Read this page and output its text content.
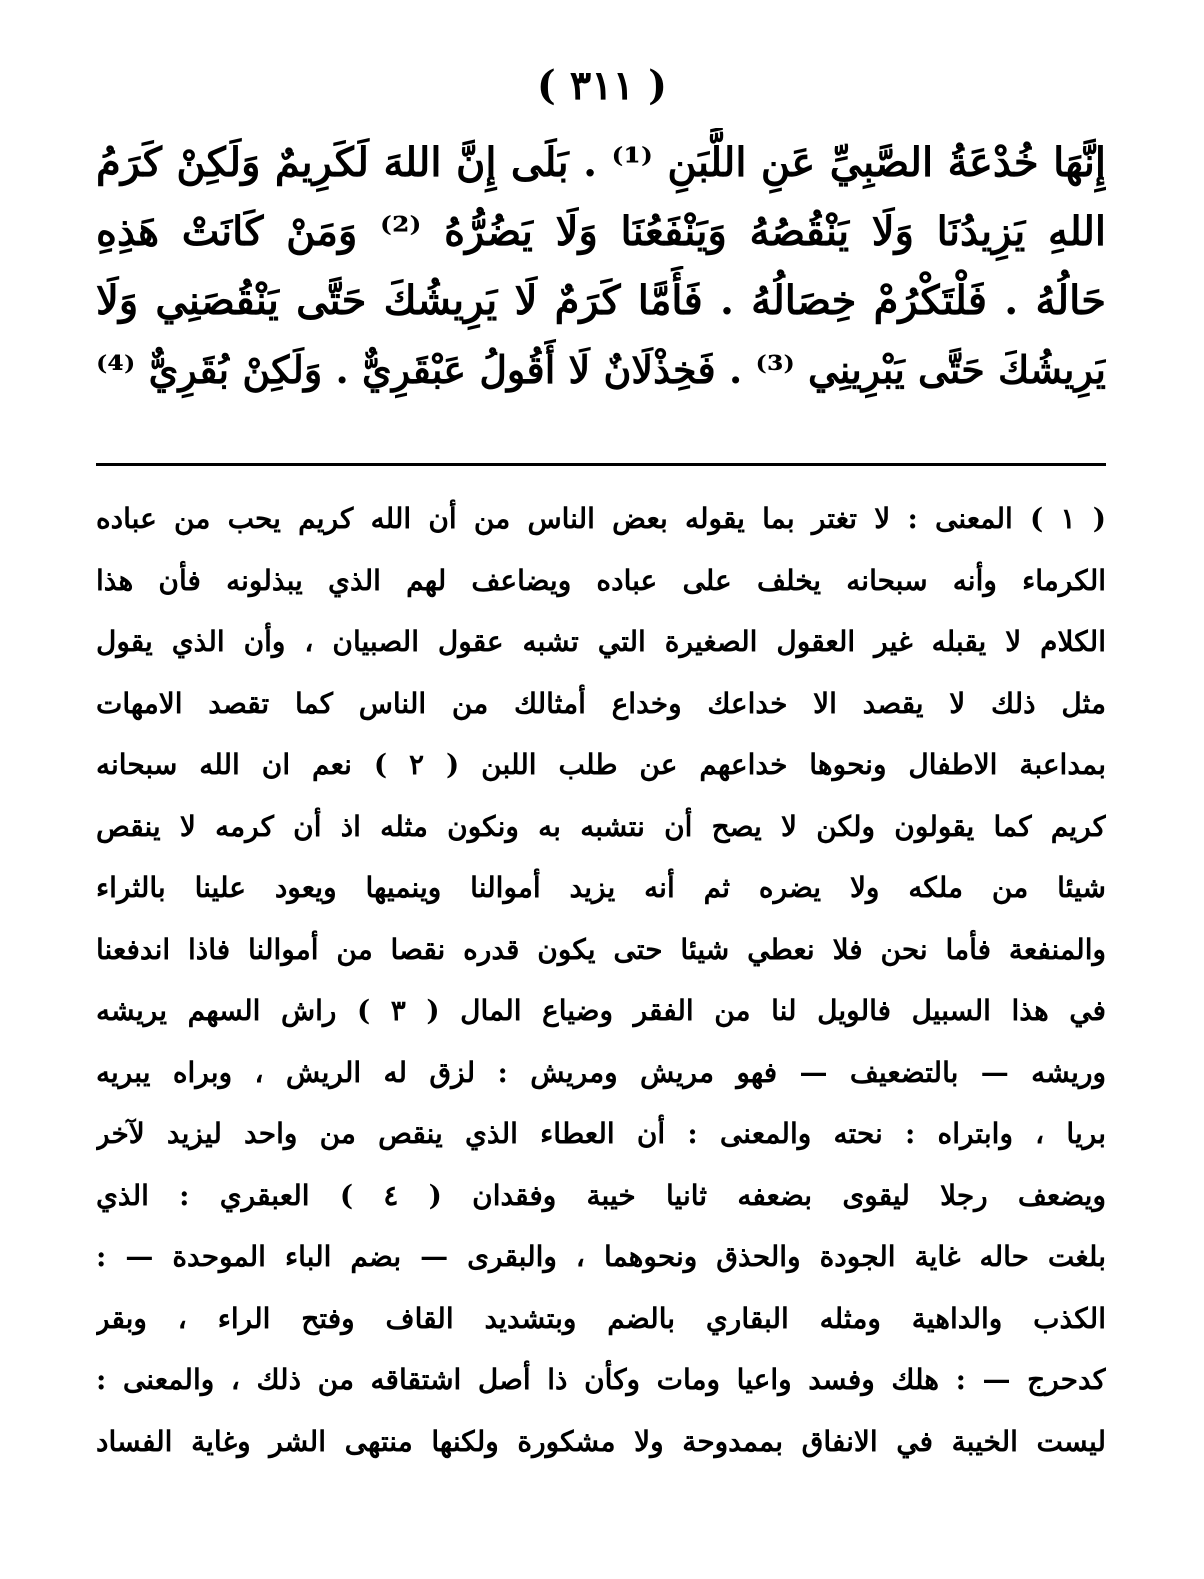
( ٣١١ )
إِنَّهَا خُدْعَةُ الصَّبِيِّ عَنِ اللَّبَنِ ⁽¹⁾ . بَلَى إِنَّ اللهَ لَكَرِيمٌ وَلَكِنْ كَرَمُ
اللهِ يَزِيدُنَا وَلَا يَنْقُصُهُ وَيَنْفَعُنَا وَلَا يَضُرُّهُ ⁽²⁾ وَمَنْ كَانَتْ هَذِهِ
حَالُهُ . فَلْتَكْرُمْ خِصَالُهُ . فَأَمَّا كَرَمٌ لَا يَرِيشُكَ حَتَّى يَنْقُصَنِي وَلَا
يَرِيشُكَ حَتَّى يَبْرِينِي ⁽³⁾ . فَخِذْلَانٌ لَا أَقُولُ عَبْقَرِيٌّ . وَلَكِنْ بُقَرِيٌّ ⁽⁴⁾
( ١ ) المعنى : لا تغتر بما يقوله بعض الناس من أن الله كريم يحب من عباده
الكرماء وأنه سبحانه يخلف على عباده ويضاعف لهم الذي يبذلونه فأن هذا
الكلام لا يقبله غير العقول الصغيرة التي تشبه عقول الصبيان ، وأن الذي يقول
مثل ذلك لا يقصد الا خداعك وخداع أمثالك من الناس كما تقصد الامهات
بمداعبة الاطفال ونحوها خداعهم عن طلب اللبن ( ٢ ) نعم ان الله سبحانه
كريم كما يقولون ولكن لا يصح أن نتشبه به ونكون مثله اذ أن كرمه لا ينقص
شيئا من ملكه ولا يضره ثم أنه يزيد أموالنا وينميها ويعود علينا بالثراء
والمنفعة فأما نحن فلا نعطي شيئا حتى يكون قدره نقصا من أموالنا فاذا اندفعنا
في هذا السبيل فالويل لنا من الفقر وضياع المال ( ٣ ) راش السهم يريشه
وريشه — بالتضعيف — فهو مريش ومريش : لزق له الريش ، وبراه يبريه
بريا ، وابتراه : نحته والمعنى : أن العطاء الذي ينقص من واحد ليزيد لآخر
ويضعف رجلا ليقوى بضعفه ثانيا خيبة وفقدان ( ٤ ) العبقري : الذي
بلغت حاله غاية الجودة والحذق ونحوهما ، والبقرى — بضم الباء الموحدة — :
الكذب والداهية ومثله البقاري بالضم وبتشديد القاف وفتح الراء ، وبقر
كدحرج — : هلك وفسد واعيا ومات وكأن ذا أصل اشتقاقه من ذلك ، والمعنى :
ليست الخيبة في الانفاق بممدوحة ولا مشكورة ولكنها منتهى الشر وغاية الفساد
